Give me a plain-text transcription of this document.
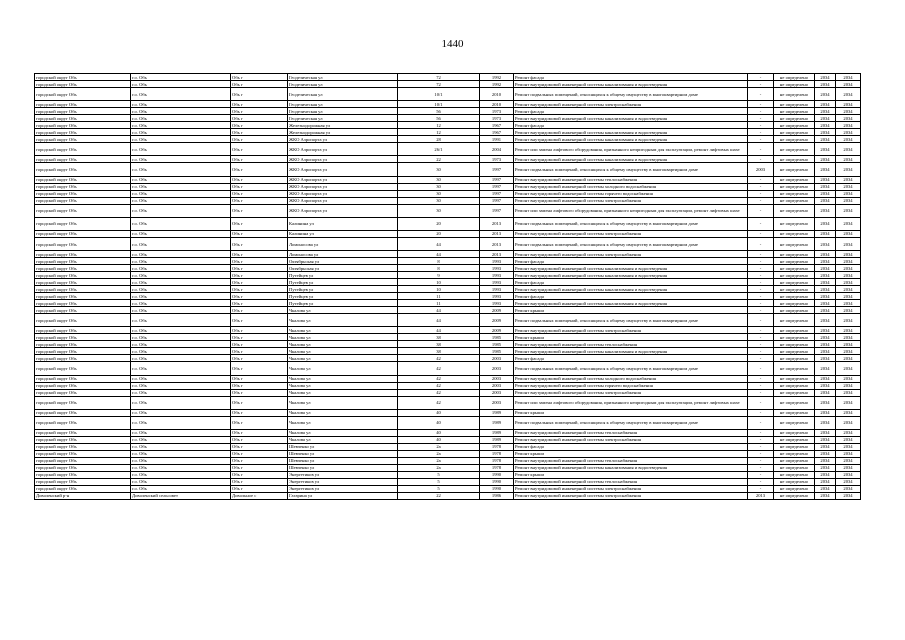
1440
городской округ Обь	г.о. Обь	Обь г	Геодезическая ул	72	1992	Ремонт фасада	-	не определено	2034	2034
городской округ Обь	г.о. Обь	Обь г	Геодезическая ул	72	1992	Ремонт внутридомовой инженерной системы канализования и водоотведения	-	не определено	2034	2034
городской округ Обь	г.о. Обь	Обь г	Геодезическая ул	10/1	2010	Ремонт подвальных помещений, относящихся к общему имуществу в многоквартирном доме	-	не определено	2034	2034
городской округ Обь	г.о. Обь	Обь г	Геодезическая ул	10/1	2010	Ремонт внутридомовой инженерной системы электроснабжения	-	не определено	2034	2034
городской округ Обь	г.о. Обь	Обь г	Геодезическая ул	56	1973	Ремонт фасада	-	не определено	2034	2034
городской округ Обь	г.о. Обь	Обь г	Геодезическая ул	56	1973	Ремонт внутридомовой инженерной системы канализования и водоотведения	-	не определено	2034	2034
городской округ Обь	г.о. Обь	Обь г	Железнодорожная ул	12	1967	Ремонт фасада	-	не определено	2034	2034
городской округ Обь	г.о. Обь	Обь г	Железнодорожная ул	12	1967	Ремонт внутридомовой инженерной системы канализования и водоотведения	-	не определено	2034	2034
городской округ Обь	г.о. Обь	Обь г	ЖКО Аэропорта ул	28	1991	Ремонт внутридомовой инженерной системы канализования и водоотведения	-	не определено	2034	2034
городской округ Обь	г.о. Обь	Обь г	ЖКО Аэропорта ул	26/1	2004	Ремонт или замена лифтового оборудования, признанного непригодным для эксплуатации, ремонт лифтовых шахт	-	не определено	2034	2034
городской округ Обь	г.о. Обь	Обь г	ЖКО Аэропорта ул	22	1973	Ремонт внутридомовой инженерной системы канализования и водоотведения	-	не определено	2034	2034
городской округ Обь	г.о. Обь	Обь г	ЖКО Аэропорта ул	30	1997	Ремонт подвальных помещений, относящихся к общему имуществу в многоквартирном доме	2003	не определено	2034	2034
городской округ Обь	г.о. Обь	Обь г	ЖКО Аэропорта ул	30	1997	Ремонт внутридомовой инженерной системы теплоснабжения	-	не определено	2034	2034
городской округ Обь	г.о. Обь	Обь г	ЖКО Аэропорта ул	30	1997	Ремонт внутридомовой инженерной системы холодного водоснабжения	-	не определено	2034	2034
городской округ Обь	г.о. Обь	Обь г	ЖКО Аэропорта ул	30	1997	Ремонт внутридомовой инженерной системы горячего водоснабжения	-	не определено	2034	2034
городской округ Обь	г.о. Обь	Обь г	ЖКО Аэропорта ул	30	1997	Ремонт внутридомовой инженерной системы электроснабжения	-	не определено	2034	2034
городской округ Обь	г.о. Обь	Обь г	ЖКО Аэропорта ул	30	1997	Ремонт или замена лифтового оборудования, признанного непригодным для эксплуатации, ремонт лифтовых шахт	-	не определено	2034	2034
городской округ Обь	г.о. Обь	Обь г	Калинина ул	20	2013	Ремонт подвальных помещений, относящихся к общему имуществу в многоквартирном доме	-	не определено	2034	2034
городской округ Обь	г.о. Обь	Обь г	Калинина ул	20	2013	Ремонт внутридомовой инженерной системы электроснабжения	-	не определено	2034	2034
городской округ Обь	г.о. Обь	Обь г	Ломоносова ул	44	2013	Ремонт подвальных помещений, относящихся к общему имуществу в многоквартирном доме	-	не определено	2034	2034
городской округ Обь	г.о. Обь	Обь г	Ломоносова ул	44	2013	Ремонт внутридомовой инженерной системы электроснабжения	-	не определено	2034	2034
городской округ Обь	г.о. Обь	Обь г	Октябрьская ул	8	1993	Ремонт фасада	-	не определено	2034	2034
городской округ Обь	г.о. Обь	Обь г	Октябрьская ул	8	1993	Ремонт внутридомовой инженерной системы канализования и водоотведения	-	не определено	2034	2034
городской округ Обь	г.о. Обь	Обь г	Путейцев ул	9	1993	Ремонт внутридомовой инженерной системы канализования и водоотведения	-	не определено	2034	2034
городской округ Обь	г.о. Обь	Обь г	Путейцев ул	10	1993	Ремонт фасада	-	не определено	2034	2034
городской округ Обь	г.о. Обь	Обь г	Путейцев ул	10	1993	Ремонт внутридомовой инженерной системы канализования и водоотведения	-	не определено	2034	2034
городской округ Обь	г.о. Обь	Обь г	Путейцев ул	11	1993	Ремонт фасада	-	не определено	2034	2034
городской округ Обь	г.о. Обь	Обь г	Путейцев ул	11	1993	Ремонт внутридомовой инженерной системы канализования и водоотведения	-	не определено	2034	2034
городской округ Обь	г.о. Обь	Обь г	Чкалова ул	44	2009	Ремонт крыши	-	не определено	2034	2034
городской округ Обь	г.о. Обь	Обь г	Чкалова ул	44	2009	Ремонт подвальных помещений, относящихся к общему имуществу в многоквартирном доме	-	не определено	2034	2034
городской округ Обь	г.о. Обь	Обь г	Чкалова ул	44	2009	Ремонт внутридомовой инженерной системы электроснабжения	-	не определено	2034	2034
городской округ Обь	г.о. Обь	Обь г	Чкалова ул	38	1985	Ремонт крыши	-	не определено	2034	2034
городской округ Обь	г.о. Обь	Обь г	Чкалова ул	38	1985	Ремонт внутридомовой инженерной системы теплоснабжения	-	не определено	2034	2034
городской округ Обь	г.о. Обь	Обь г	Чкалова ул	38	1985	Ремонт внутридомовой инженерной системы канализования и водоотведения	-	не определено	2034	2034
городской округ Обь	г.о. Обь	Обь г	Чкалова ул	42	2003	Ремонт фасада	-	не определено	2034	2034
городской округ Обь	г.о. Обь	Обь г	Чкалова ул	42	2003	Ремонт подвальных помещений, относящихся к общему имуществу в многоквартирном доме	-	не определено	2034	2034
городской округ Обь	г.о. Обь	Обь г	Чкалова ул	42	2003	Ремонт внутридомовой инженерной системы холодного водоснабжения	-	не определено	2034	2034
городской округ Обь	г.о. Обь	Обь г	Чкалова ул	42	2003	Ремонт внутридомовой инженерной системы горячего водоснабжения	-	не определено	2034	2034
городской округ Обь	г.о. Обь	Обь г	Чкалова ул	42	2003	Ремонт внутридомовой инженерной системы электроснабжения	-	не определено	2034	2034
городской округ Обь	г.о. Обь	Обь г	Чкалова ул	42	2003	Ремонт или замена лифтового оборудования, признанного непригодным для эксплуатации, ремонт лифтовых шахт	-	не определено	2034	2034
городской округ Обь	г.о. Обь	Обь г	Чкалова ул	40	1989	Ремонт крыши	-	не определено	2034	2034
городской округ Обь	г.о. Обь	Обь г	Чкалова ул	40	1989	Ремонт подвальных помещений, относящихся к общему имуществу в многоквартирном доме	-	не определено	2034	2034
городской округ Обь	г.о. Обь	Обь г	Чкалова ул	40	1989	Ремонт внутридомовой инженерной системы теплоснабжения	-	не определено	2034	2034
городской округ Обь	г.о. Обь	Обь г	Чкалова ул	40	1989	Ремонт внутридомовой инженерной системы электроснабжения	-	не определено	2034	2034
городской округ Обь	г.о. Обь	Обь г	Шевченко ул	2а	1978	Ремонт фасада	-	не определено	2034	2034
городской округ Обь	г.о. Обь	Обь г	Шевченко ул	2а	1978	Ремонт крыши	-	не определено	2034	2034
городской округ Обь	г.о. Обь	Обь г	Шевченко ул	2а	1978	Ремонт внутридомовой инженерной системы теплоснабжения	-	не определено	2034	2034
городской округ Обь	г.о. Обь	Обь г	Шевченко ул	2а	1978	Ремонт внутридомовой инженерной системы канализования и водоотведения	-	не определено	2034	2034
городской округ Обь	г.о. Обь	Обь г	Энергетиков ул	5	1990	Ремонт крыши	-	не определено	2034	2034
городской округ Обь	г.о. Обь	Обь г	Энергетиков ул	5	1990	Ремонт внутридомовой инженерной системы теплоснабжения	-	не определено	2034	2034
городской округ Обь	г.о. Обь	Обь г	Энергетиков ул	5	1990	Ремонт внутридомовой инженерной системы электроснабжения	-	не определено	2034	2034
Доволенский р-н	Доволенский сельсовет	Довольное с	Гагарина ул	22	1986	Ремонт внутридомовой инженерной системы электроснабжения	2013	не определено	2034	2034
